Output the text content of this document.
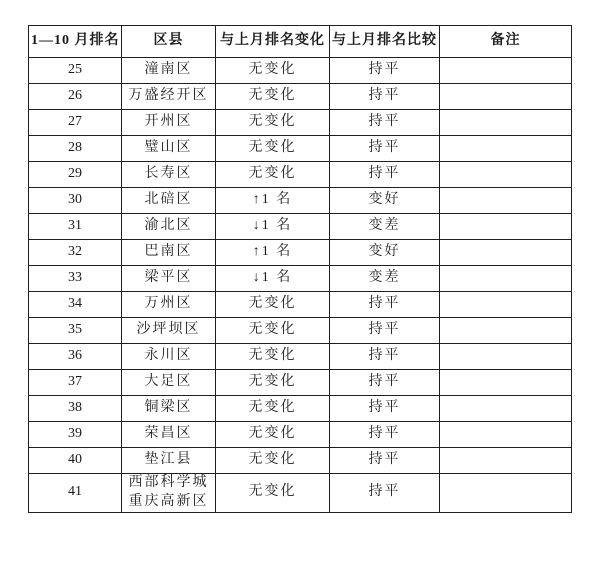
1—10 月排名	区县	与上月排名变化	与上月排名比较	备注
25	潼南区	无变化	持平	
26	万盛经开区	无变化	持平	
27	开州区	无变化	持平	
28	璧山区	无变化	持平	
29	长寿区	无变化	持平	
30	北碚区	↑1 名	变好	
31	渝北区	↓1 名	变差	
32	巴南区	↑1 名	变好	
33	梁平区	↓1 名	变差	
34	万州区	无变化	持平	
35	沙坪坝区	无变化	持平	
36	永川区	无变化	持平	
37	大足区	无变化	持平	
38	铜梁区	无变化	持平	
39	荣昌区	无变化	持平	
40	垫江县	无变化	持平	
41	西部科学城重庆高新区	无变化	持平	
